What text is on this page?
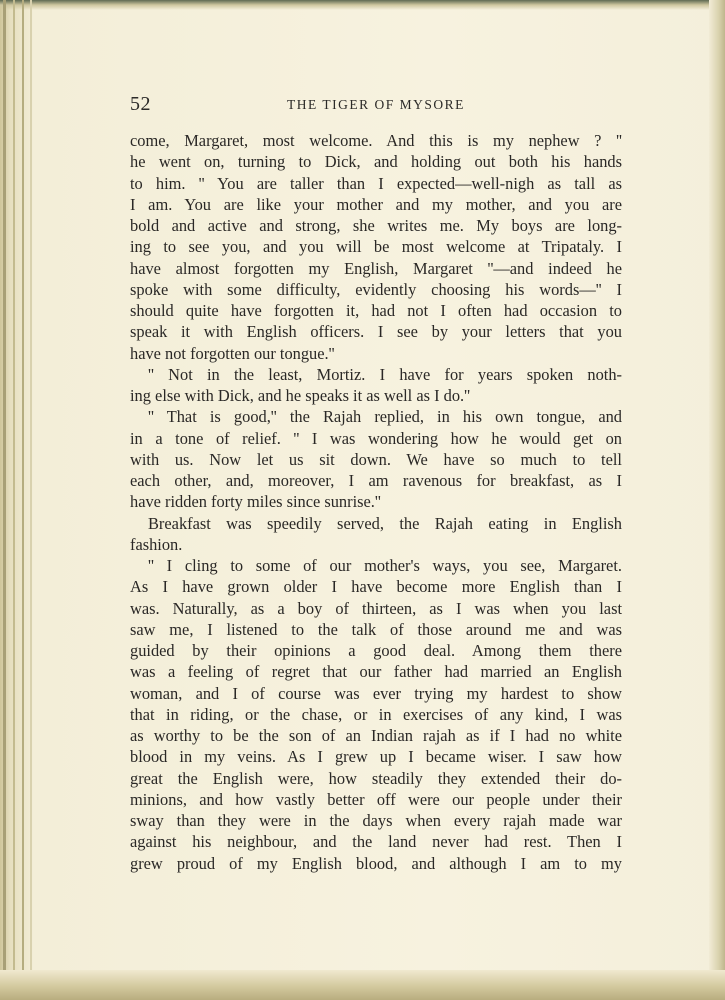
52	THE TIGER OF MYSORE
come, Margaret, most welcome. And this is my nephew ? ''
he went on, turning to Dick, and holding out both his hands
to him. '' You are taller than I expected—well-nigh as tall as
I am. You are like your mother and my mother, and you are
bold and active and strong, she writes me. My boys are long-
ing to see you, and you will be most welcome at Tripataly. I
have almost forgotten my English, Margaret ''—and indeed he
spoke with some difficulty, evidently choosing his words—'' I
should quite have forgotten it, had not I often had occasion to
speak it with English officers. I see by your letters that you
have not forgotten our tongue.''
'' Not in the least, Mortiz. I have for years spoken noth-
ing else with Dick, and he speaks it as well as I do.''
'' That is good,'' the Rajah replied, in his own tongue, and
in a tone of relief. '' I was wondering how he would get on
with us. Now let us sit down. We have so much to tell
each other, and, moreover, I am ravenous for breakfast, as I
have ridden forty miles since sunrise.''
Breakfast was speedily served, the Rajah eating in English
fashion.
'' I cling to some of our mother's ways, you see, Margaret.
As I have grown older I have become more English than I
was. Naturally, as a boy of thirteen, as I was when you last
saw me, I listened to the talk of those around me and was
guided by their opinions a good deal. Among them there
was a feeling of regret that our father had married an English
woman, and I of course was ever trying my hardest to show
that in riding, or the chase, or in exercises of any kind, I was
as worthy to be the son of an Indian rajah as if I had no white
blood in my veins. As I grew up I became wiser. I saw how
great the English were, how steadily they extended their do-
minions, and how vastly better off were our people under their
sway than they were in the days when every rajah made war
against his neighbour, and the land never had rest. Then I
grew proud of my English blood, and although I am to my
